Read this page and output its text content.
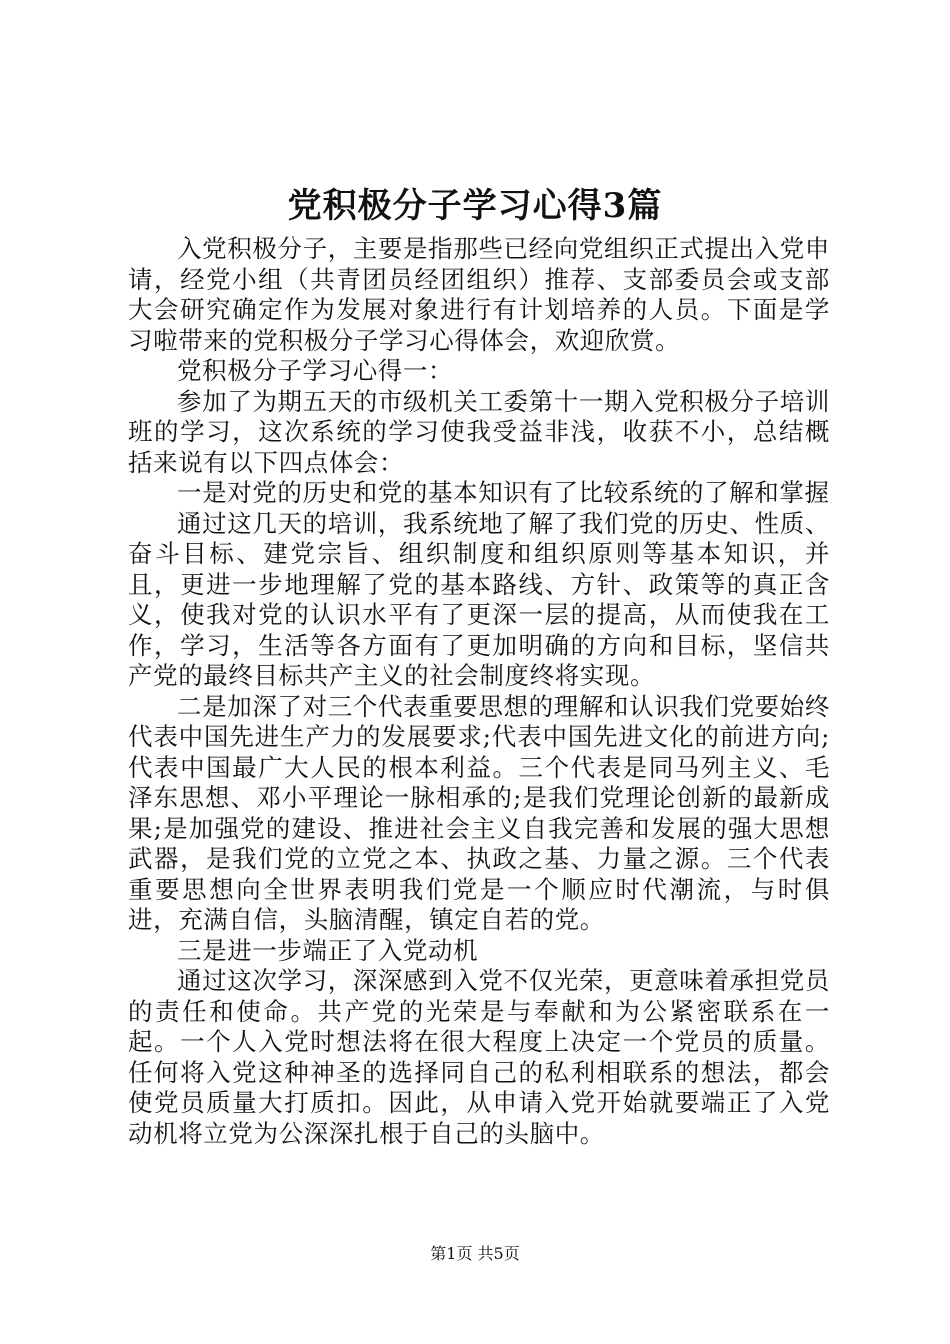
党积极分子学习心得3篇

入党积极分子，主要是指那些已经向党组织正式提出入党申请，经党小组（共青团员经团组织）推荐、支部委员会或支部大会研究确定作为发展对象进行有计划培养的人员。下面是学习啦带来的党积极分子学习心得体会，欢迎欣赏。

党积极分子学习心得一：

参加了为期五天的市级机关工委第十一期入党积极分子培训班的学习，这次系统的学习使我受益非浅，收获不小，总结概括来说有以下四点体会：

一是对党的历史和党的基本知识有了比较系统的了解和掌握

通过这几天的培训，我系统地了解了我们党的历史、性质、奋斗目标、建党宗旨、组织制度和组织原则等基本知识，并且，更进一步地理解了党的基本路线、方针、政策等的真正含义，使我对党的认识水平有了更深一层的提高，从而使我在工作，学习，生活等各方面有了更加明确的方向和目标，坚信共产党的最终目标共产主义的社会制度终将实现。

二是加深了对三个代表重要思想的理解和认识我们党要始终代表中国先进生产力的发展要求;代表中国先进文化的前进方向;代表中国最广大人民的根本利益。三个代表是同马列主义、毛泽东思想、邓小平理论一脉相承的;是我们党理论创新的最新成果;是加强党的建设、推进社会主义自我完善和发展的强大思想武器，是我们党的立党之本、执政之基、力量之源。三个代表重要思想向全世界表明我们党是一个顺应时代潮流，与时俱进，充满自信，头脑清醒，镇定自若的党。

三是进一步端正了入党动机

通过这次学习，深深感到入党不仅光荣，更意味着承担党员的责任和使命。共产党的光荣是与奉献和为公紧密联系在一起。一个人入党时想法将在很大程度上决定一个党员的质量。任何将入党这种神圣的选择同自己的私利相联系的想法，都会使党员质量大打质扣。因此，从申请入党开始就要端正了入党动机将立党为公深深扎根于自己的头脑中。

第1页 共5页
